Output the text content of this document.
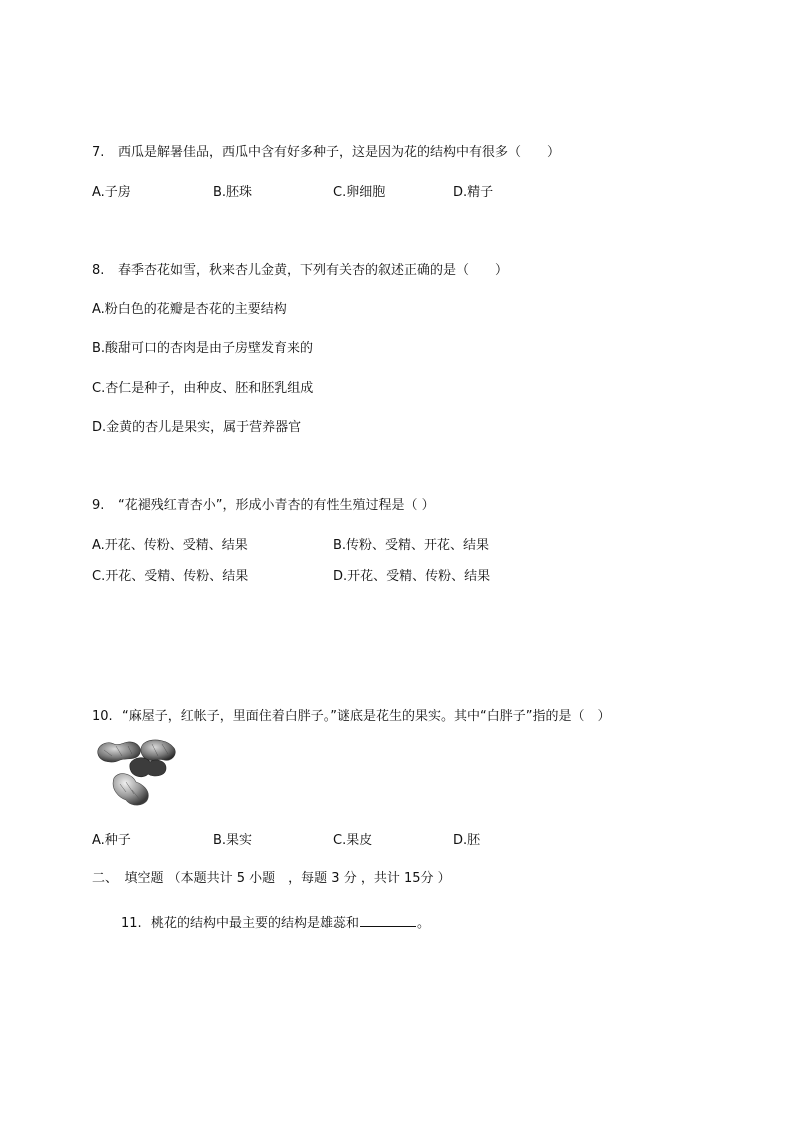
7. 西瓜是解暑佳品，西瓜中含有好多种子，这是因为花的结构中有很多（　　）
A.子房	B.胚珠	C.卵细胞	D.精子
8. 春季杏花如雪，秋来杏儿金黄，下列有关杏的叙述正确的是（　　）
A.粉白色的花瓣是杏花的主要结构
B.酸甜可口的杏肉是由子房壁发育来的
C.杏仁是种子，由种皮、胚和胚乳组成
D.金黄的杏儿是果实，属于营养器官
9. “花褪残红青杏小”，形成小青杏的有性生殖过程是（ ）
A.开花、传粉、受精、结果	B.传粉、受精、开花、结果
C.开花、受精、传粉、结果	D.开花、受精、传粉、结果
10. “麻屋子，红帐子，里面住着白胖子。”谜底是花生的果实。其中“白胖子”指的是（　）
A.种子	B.果实	C.果皮	D.胚
二、　填空题 （本题共计 5 小题　，每题 3 分 ，共计 15分 ）
11. 桃花的结构中最主要的结构是雄蕊和	。
